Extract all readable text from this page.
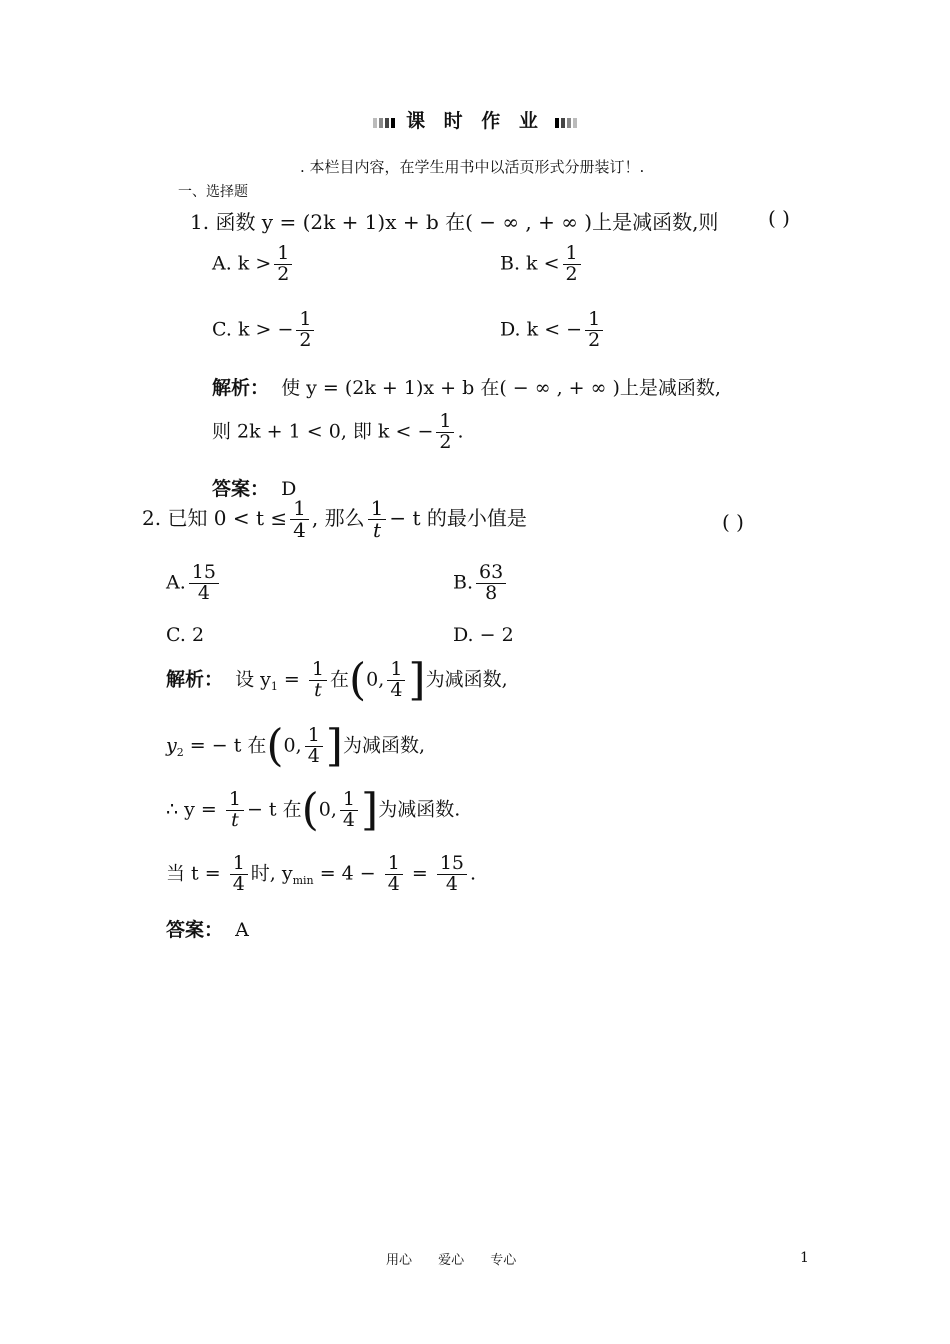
课 时 作 业
. 本栏目内容，在学生用书中以活页形式分册装订！.
一、选择题
1. 函数 y = (2k + 1)x + b 在( − ∞ , + ∞ )上是减函数,则 ( )
A. $k > \frac{1}{2}$	B. $k < \frac{1}{2}$
C. k > − $\frac{1}{2}$	D. k < − $\frac{1}{2}$
解析： 使 y = (2k + 1)x + b 在( − ∞ , + ∞ )上是减函数,
则 2k + 1 < 0, 即 k < − $\frac{1}{2}$ .
答案： D
2. 已知 $0 < t \le \frac{1}{4}$ , 那么 $\frac{1}{t} - t$ 的最小值是	( )
A. $\frac{15}{4}$	B. $\frac{63}{8}$
C. 2	D. − 2
解析： 设 $y_1 = \frac{1}{t}$ 在(0, $\frac{1}{4}$ ]为减函数,
$y_2$ = − t 在(0, $\frac{1}{4}$ ]为减函数,
∴ $y = \frac{1}{t} - t$ 在(0, $\frac{1}{4}$ ]为减函数.
当 $t = \frac{1}{4}$ 时, $y_{min} = 4 - \frac{1}{4} = \frac{15}{4}$ .
答案： A
用心 爱心 专心	1
